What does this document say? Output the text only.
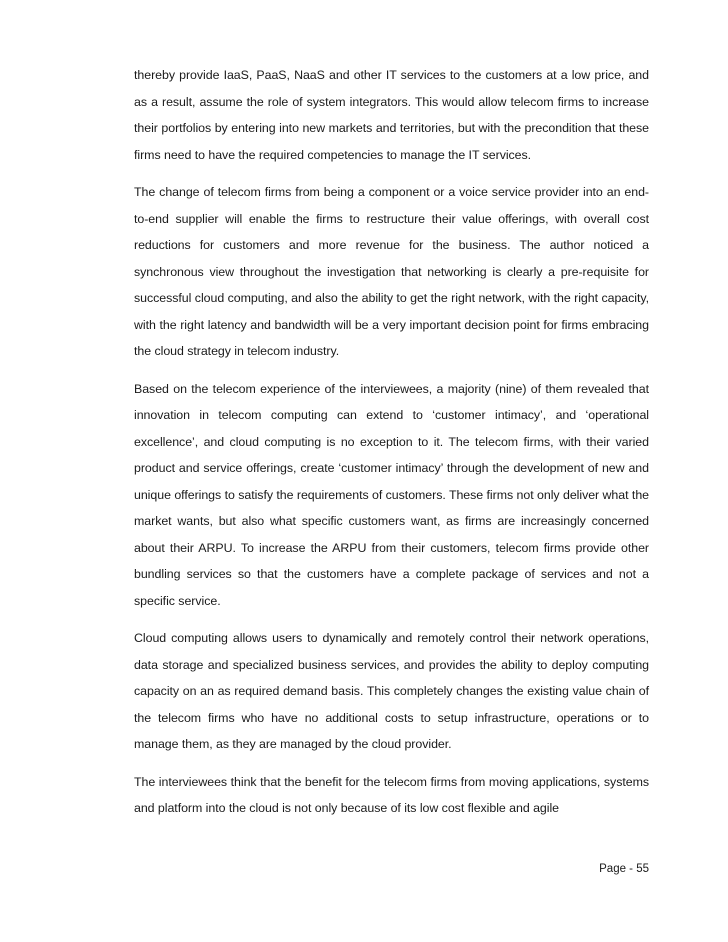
thereby provide IaaS, PaaS, NaaS and other IT services to the customers at a low price, and as a result, assume the role of system integrators. This would allow telecom firms to increase their portfolios by entering into new markets and territories, but with the precondition that these firms need to have the required competencies to manage the IT services.

The change of telecom firms from being a component or a voice service provider into an end-to-end supplier will enable the firms to restructure their value offerings, with overall cost reductions for customers and more revenue for the business. The author noticed a synchronous view throughout the investigation that networking is clearly a pre-requisite for successful cloud computing, and also the ability to get the right network, with the right capacity, with the right latency and bandwidth will be a very important decision point for firms embracing the cloud strategy in telecom industry.

Based on the telecom experience of the interviewees, a majority (nine) of them revealed that innovation in telecom computing can extend to ‘customer intimacy’, and ‘operational excellence’, and cloud computing is no exception to it. The telecom firms, with their varied product and service offerings, create ‘customer intimacy’ through the development of new and unique offerings to satisfy the requirements of customers. These firms not only deliver what the market wants, but also what specific customers want, as firms are increasingly concerned about their ARPU. To increase the ARPU from their customers, telecom firms provide other bundling services so that the customers have a complete package of services and not a specific service.

Cloud computing allows users to dynamically and remotely control their network operations, data storage and specialized business services, and provides the ability to deploy computing capacity on an as required demand basis. This completely changes the existing value chain of the telecom firms who have no additional costs to setup infrastructure, operations or to manage them, as they are managed by the cloud provider.

The interviewees think that the benefit for the telecom firms from moving applications, systems and platform into the cloud is not only because of its low cost flexible and agile

Page - 55
